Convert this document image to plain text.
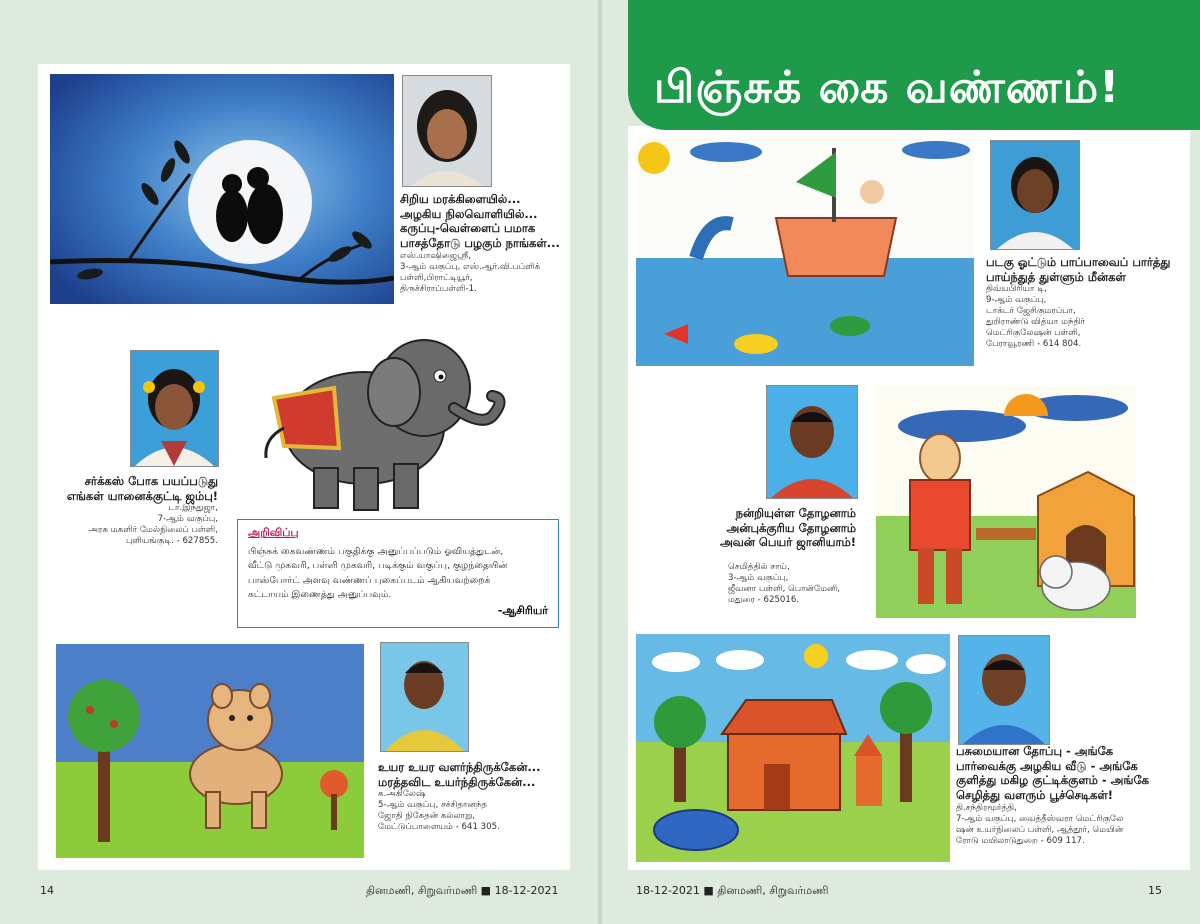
பிஞ்சுக் கை வண்ணம்!
சிறிய மரக்கிளையில்...
அழகிய நிலவொளியில்...
கருப்பு-வெள்ளைப் பமாக
பாசத்தோடு பழகும் நாங்கள்...
எஸ்.யாஷிஜைஸ்ரீ,
3-ஆம் வகுப்பு, எஸ்.ஆர்.வி.பப்ளிக்
பள்ளி,பிராட்டியூர்,
திருச்சிராப்பள்ளி-1.
சர்க்கஸ் போக பயப்படுது
எங்கள் யானைக்குட்டி ஜம்பு!
டா.இந்துஜா,
7-ஆம் வகுப்பு,
அரசு மகளிர் மேல்நிலைப் பள்ளி,
புளியங்குடி. - 627855.
அறிவிப்பு
பிஞ்சுக் கைவண்ணம் பகுதிக்கு அனுப்பப்படும் ஓவியத்துடன்,
வீட்டு முகவரி, பள்ளி முகவரி, படிக்கும் வகுப்பு, குழந்தையின்
பாஸ்போர்ட் அளவு வண்ணப் புகைப்படம் ஆகியவற்றைக்
கட்டாயம் இணைத்து அனுப்பவும்.
-ஆசிரியர்
உயர உயர வளர்ந்திருக்கேன்...
மரத்தவிட உயர்ந்திருக்கேன்...
க.அகிலேஷ்
5-ஆம் வகுப்பு, சச்சிதானந்த
ஜோதி நிகேதன் கல்லாறு,
மேட்டுப்பாளையம் - 641 305.
படகு ஓட்டும் பாப்பாவைப் பார்த்து
பாய்ந்துத் துள்ளும் மீன்கள்
திவ்யபிரியா டி,
9-ஆம் வகுப்பு,
டாக்டர் ஜேசிகுமரப்பா,
துறிராண்டு வித்யா மந்திர்
மெட்ரிகுலேஷன் பள்ளி,
பேராவூரணி - 614 804.
நன்றியுள்ள தோழனாம்
அன்புக்குரிய தோழனாம்
அவன் பெயர் ஜானியாம்!
செமித்தில் சாய்,
3-ஆம் வகுப்பு,
ஜீவனா பள்ளி, பொன்மேனி,
மதுரை - 625016.
பசுமையான தோப்பு - அங்கே
பார்வைக்கு அழகிய வீடு - அங்கே
குளித்து மகிழ குட்டிக்குளம் - அங்கே
செழித்து வளரும் பூச்செடிகள்!
தி.சந்திரமூர்த்தி,
7-ஆம் வகுப்பு, வைத்தீஸ்வரா மெட்ரிகுலே
ஷன் உயர்நிலைப் பள்ளி, ஆத்தூர், மெயின்
ரோடு மயிலாடுதுறை - 609 117.
14	தினமணி, சிறுவர்மணி ■ 18-12-2021	18-12-2021 ■ தினமணி, சிறுவர்மணி	15
